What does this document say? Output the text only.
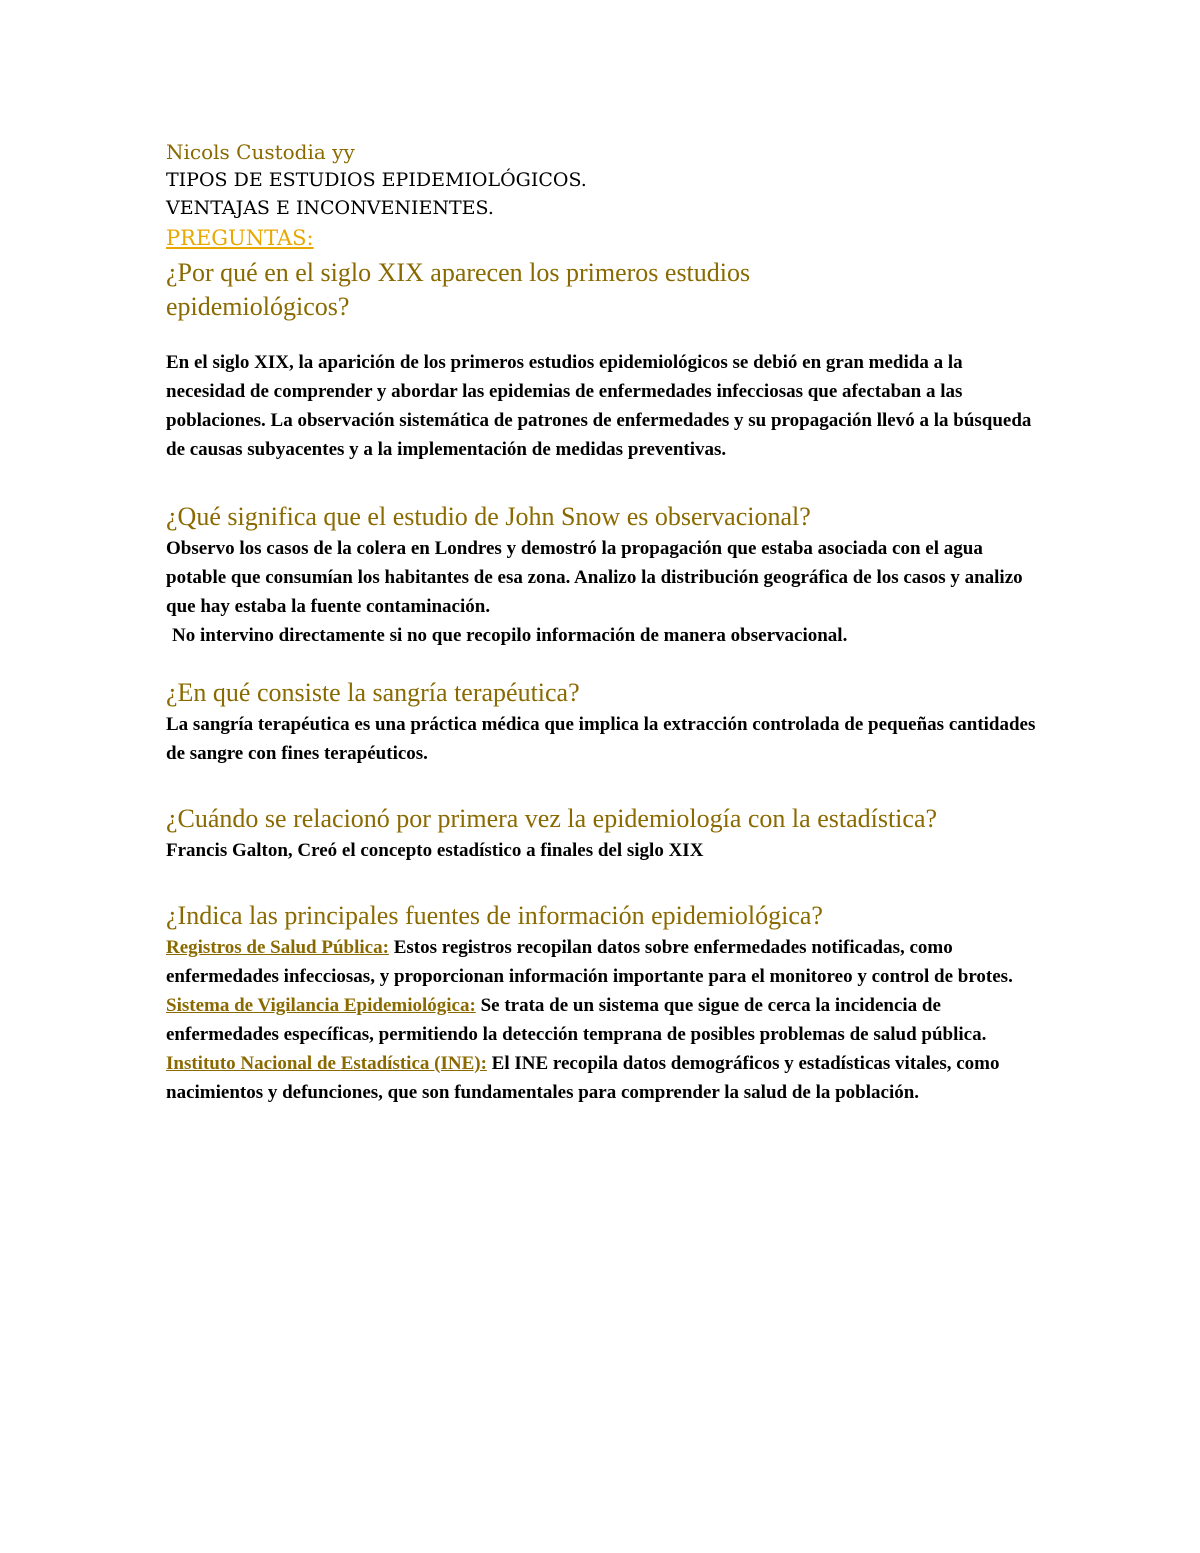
Nicols Custodia yy
TIPOS DE ESTUDIOS EPIDEMIOLÓGICOS.
VENTAJAS E INCONVENIENTES.
PREGUNTAS:
¿Por qué en el siglo XIX aparecen los primeros estudios epidemiológicos?
En el siglo XIX, la aparición de los primeros estudios epidemiológicos se debió en gran medida a la necesidad de comprender y abordar las epidemias de enfermedades infecciosas que afectaban a las poblaciones. La observación sistemática de patrones de enfermedades y su propagación llevó a la búsqueda de causas subyacentes y a la implementación de medidas preventivas.
¿Qué significa que el estudio de John Snow es observacional?
Observo los casos de la colera en Londres y demostró la propagación que estaba asociada con el agua potable que consumían los habitantes de esa zona. Analizo la distribución geográfica de los casos y analizo que hay estaba la fuente contaminación.
No intervino directamente si no que recopilo información de manera observacional.
¿En qué consiste la sangría terapéutica?
La sangría terapéutica es una práctica médica que implica la extracción controlada de pequeñas cantidades de sangre con fines terapéuticos.
¿Cuándo se relacionó por primera vez la epidemiología con la estadística?
Francis Galton, Creó el concepto estadístico a finales del siglo XIX
¿Indica las principales fuentes de información epidemiológica?
Registros de Salud Pública: Estos registros recopilan datos sobre enfermedades notificadas, como enfermedades infecciosas, y proporcionan información importante para el monitoreo y control de brotes.
Sistema de Vigilancia Epidemiológica: Se trata de un sistema que sigue de cerca la incidencia de enfermedades específicas, permitiendo la detección temprana de posibles problemas de salud pública.
Instituto Nacional de Estadística (INE): El INE recopila datos demográficos y estadísticas vitales, como nacimientos y defunciones, que son fundamentales para comprender la salud de la población.
